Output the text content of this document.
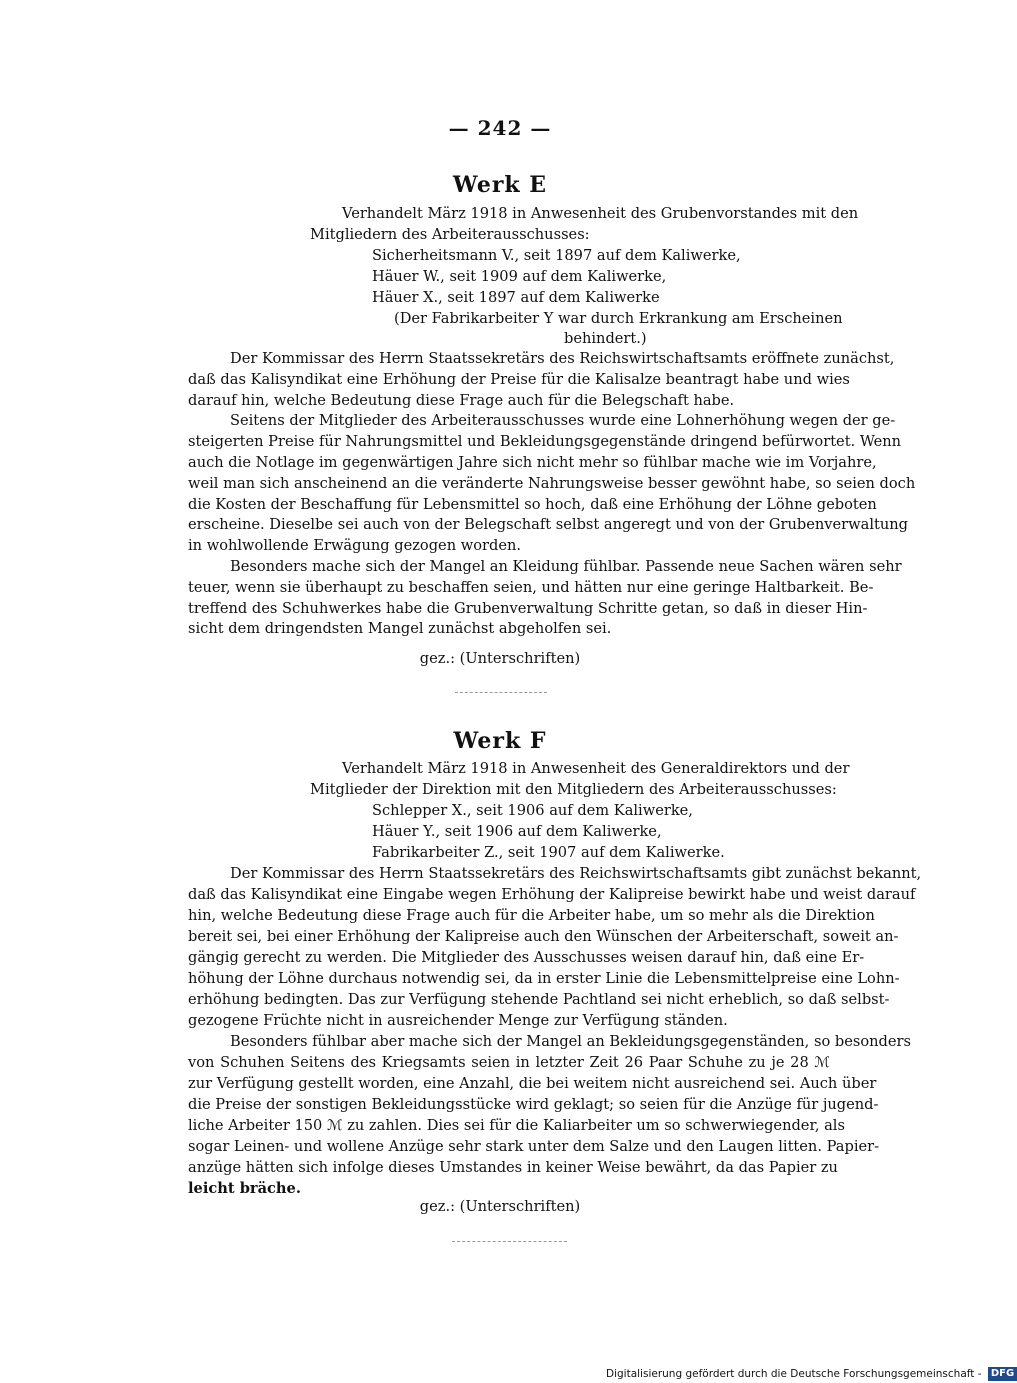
— 242 —
Werk E
Verhandelt März 1918 in Anwesenheit des Grubenvorstandes mit den
Mitgliedern des Arbeiterausschusses:
Sicherheitsmann V., seit 1897 auf dem Kaliwerke,
Häuer W., seit 1909 auf dem Kaliwerke,
Häuer X., seit 1897 auf dem Kaliwerke
(Der Fabrikarbeiter Y war durch Erkrankung am Erscheinen
behindert.)
Der Kommissar des Herrn Staatssekretärs des Reichswirtschaftsamts eröffnete zunächst,
daß das Kalisyndikat eine Erhöhung der Preise für die Kalisalze beantragt habe und wies
darauf hin, welche Bedeutung diese Frage auch für die Belegschaft habe.
Seitens der Mitglieder des Arbeiterausschusses wurde eine Lohnerhöhung wegen der ge-
steigerten Preise für Nahrungsmittel und Bekleidungsgegenstände dringend befürwortet. Wenn
auch die Notlage im gegenwärtigen Jahre sich nicht mehr so fühlbar mache wie im Vorjahre,
weil man sich anscheinend an die veränderte Nahrungsweise besser gewöhnt habe, so seien doch
die Kosten der Beschaffung für Lebensmittel so hoch, daß eine Erhöhung der Löhne geboten
erscheine. Dieselbe sei auch von der Belegschaft selbst angeregt und von der Grubenverwaltung
in wohlwollende Erwägung gezogen worden.
Besonders mache sich der Mangel an Kleidung fühlbar. Passende neue Sachen wären sehr
teuer, wenn sie überhaupt zu beschaffen seien, und hätten nur eine geringe Haltbarkeit. Be-
treffend des Schuhwerkes habe die Grubenverwaltung Schritte getan, so daß in dieser Hin-
sicht dem dringendsten Mangel zunächst abgeholfen sei.
gez.: (Unterschriften)
Werk F
Verhandelt März 1918 in Anwesenheit des Generaldirektors und der
Mitglieder der Direktion mit den Mitgliedern des Arbeiterausschusses:
Schlepper X., seit 1906 auf dem Kaliwerke,
Häuer Y., seit 1906 auf dem Kaliwerke,
Fabrikarbeiter Z., seit 1907 auf dem Kaliwerke.
Der Kommissar des Herrn Staatssekretärs des Reichswirtschaftsamts gibt zunächst bekannt,
daß das Kalisyndikat eine Eingabe wegen Erhöhung der Kalipreise bewirkt habe und weist darauf
hin, welche Bedeutung diese Frage auch für die Arbeiter habe, um so mehr als die Direktion
bereit sei, bei einer Erhöhung der Kalipreise auch den Wünschen der Arbeiterschaft, soweit an-
gängig gerecht zu werden. Die Mitglieder des Ausschusses weisen darauf hin, daß eine Er-
höhung der Löhne durchaus notwendig sei, da in erster Linie die Lebensmittelpreise eine Lohn-
erhöhung bedingten. Das zur Verfügung stehende Pachtland sei nicht erheblich, so daß selbst-
gezogene Früchte nicht in ausreichender Menge zur Verfügung ständen.
Besonders fühlbar aber mache sich der Mangel an Bekleidungsgegenständen, so besonders
von Schuhen Seitens des Kriegsamts seien in letzter Zeit 26 Paar Schuhe zu je 28 ℳ
zur Verfügung gestellt worden, eine Anzahl, die bei weitem nicht ausreichend sei. Auch über
die Preise der sonstigen Bekleidungsstücke wird geklagt; so seien für die Anzüge für jugend-
liche Arbeiter 150 ℳ zu zahlen. Dies sei für die Kaliarbeiter um so schwerwiegender, als
sogar Leinen- und wollene Anzüge sehr stark unter dem Salze und den Laugen litten. Papier-
anzüge hätten sich infolge dieses Umstandes in keiner Weise bewährt, da das Papier zu
leicht bräche.
gez.: (Unterschriften)
Digitalisierung gefördert durch die Deutsche Forschungsgemeinschaft - DFG
